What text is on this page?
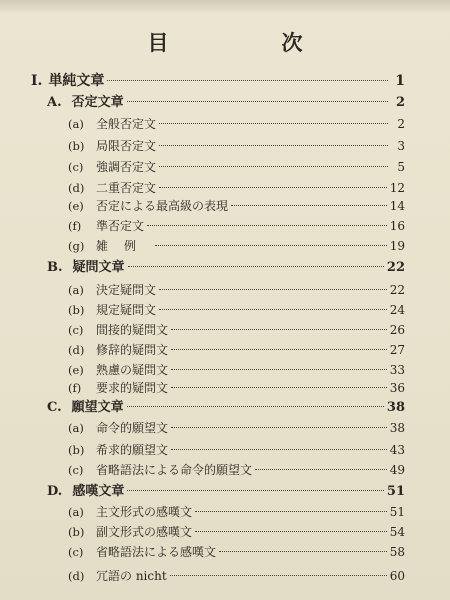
目　次
I. 単純文章	1
A. 否定文章	2
(a) 全般否定文	2
(b) 局限否定文	3
(c) 強調否定文	5
(d) 二重否定文	12
(e) 否定による最高級の表現	14
(f) 準否定文	16
(g) 雑例	19
B. 疑問文章	22
(a) 決定疑問文	22
(b) 規定疑問文	24
(c) 間接的疑問文	26
(d) 修辞的疑問文	27
(e) 熟慮の疑問文	33
(f) 要求的疑問文	36
C. 願望文章	38
(a) 命令的願望文	38
(b) 希求的願望文	43
(c) 省略語法による命令的願望文	49
D. 感嘆文章	51
(a) 主文形式の感嘆文	51
(b) 副文形式の感嘆文	54
(c) 省略語法による感嘆文	58
(d) 冗語の nicht	60
